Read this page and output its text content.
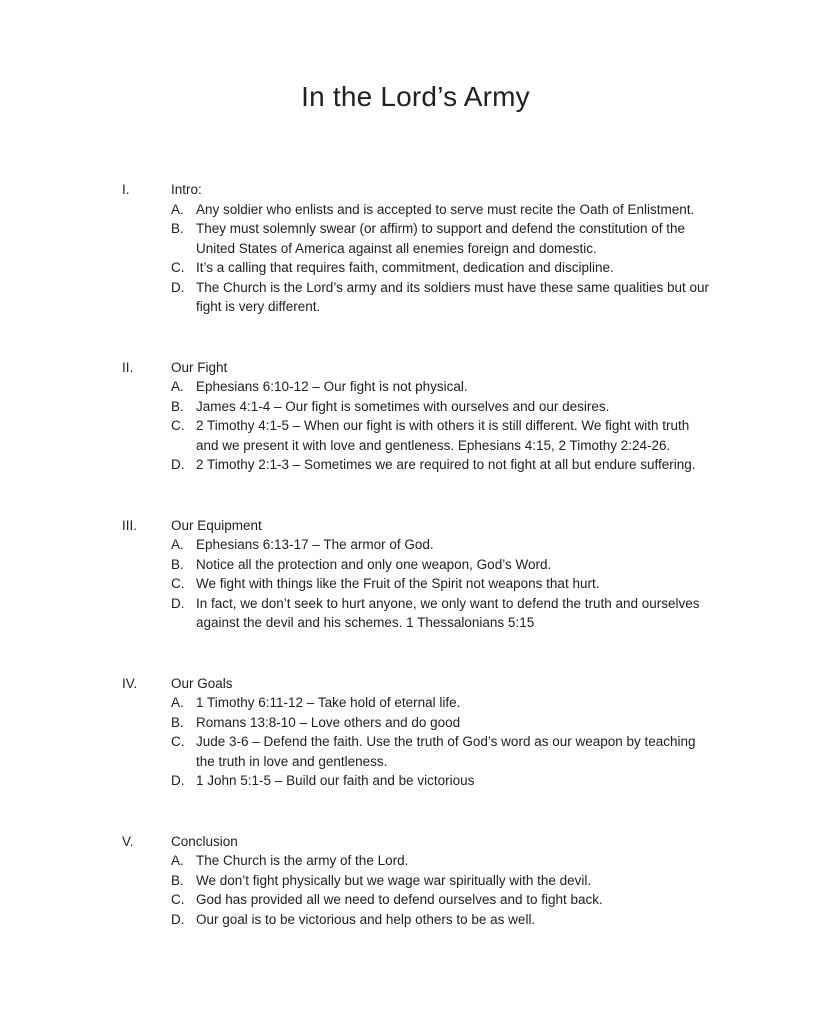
In the Lord’s Army
I.	Intro:
A. Any soldier who enlists and is accepted to serve must recite the Oath of Enlistment.
B. They must solemnly swear (or affirm) to support and defend the constitution of the United States of America against all enemies foreign and domestic.
C. It’s a calling that requires faith, commitment, dedication and discipline.
D. The Church is the Lord’s army and its soldiers must have these same qualities but our fight is very different.
II.	Our Fight
A. Ephesians 6:10-12 – Our fight is not physical.
B. James 4:1-4 – Our fight is sometimes with ourselves and our desires.
C. 2 Timothy 4:1-5 – When our fight is with others it is still different. We fight with truth and we present it with love and gentleness. Ephesians 4:15, 2 Timothy 2:24-26.
D. 2 Timothy 2:1-3 – Sometimes we are required to not fight at all but endure suffering.
III.	Our Equipment
A. Ephesians 6:13-17 – The armor of God.
B. Notice all the protection and only one weapon, God’s Word.
C. We fight with things like the Fruit of the Spirit not weapons that hurt.
D. In fact, we don’t seek to hurt anyone, we only want to defend the truth and ourselves against the devil and his schemes. 1 Thessalonians 5:15
IV.	Our Goals
A. 1 Timothy 6:11-12 – Take hold of eternal life.
B. Romans 13:8-10 – Love others and do good
C. Jude 3-6 – Defend the faith. Use the truth of God’s word as our weapon by teaching the truth in love and gentleness.
D. 1 John 5:1-5 – Build our faith and be victorious
V.	Conclusion
A. The Church is the army of the Lord.
B. We don’t fight physically but we wage war spiritually with the devil.
C. God has provided all we need to defend ourselves and to fight back.
D. Our goal is to be victorious and help others to be as well.
